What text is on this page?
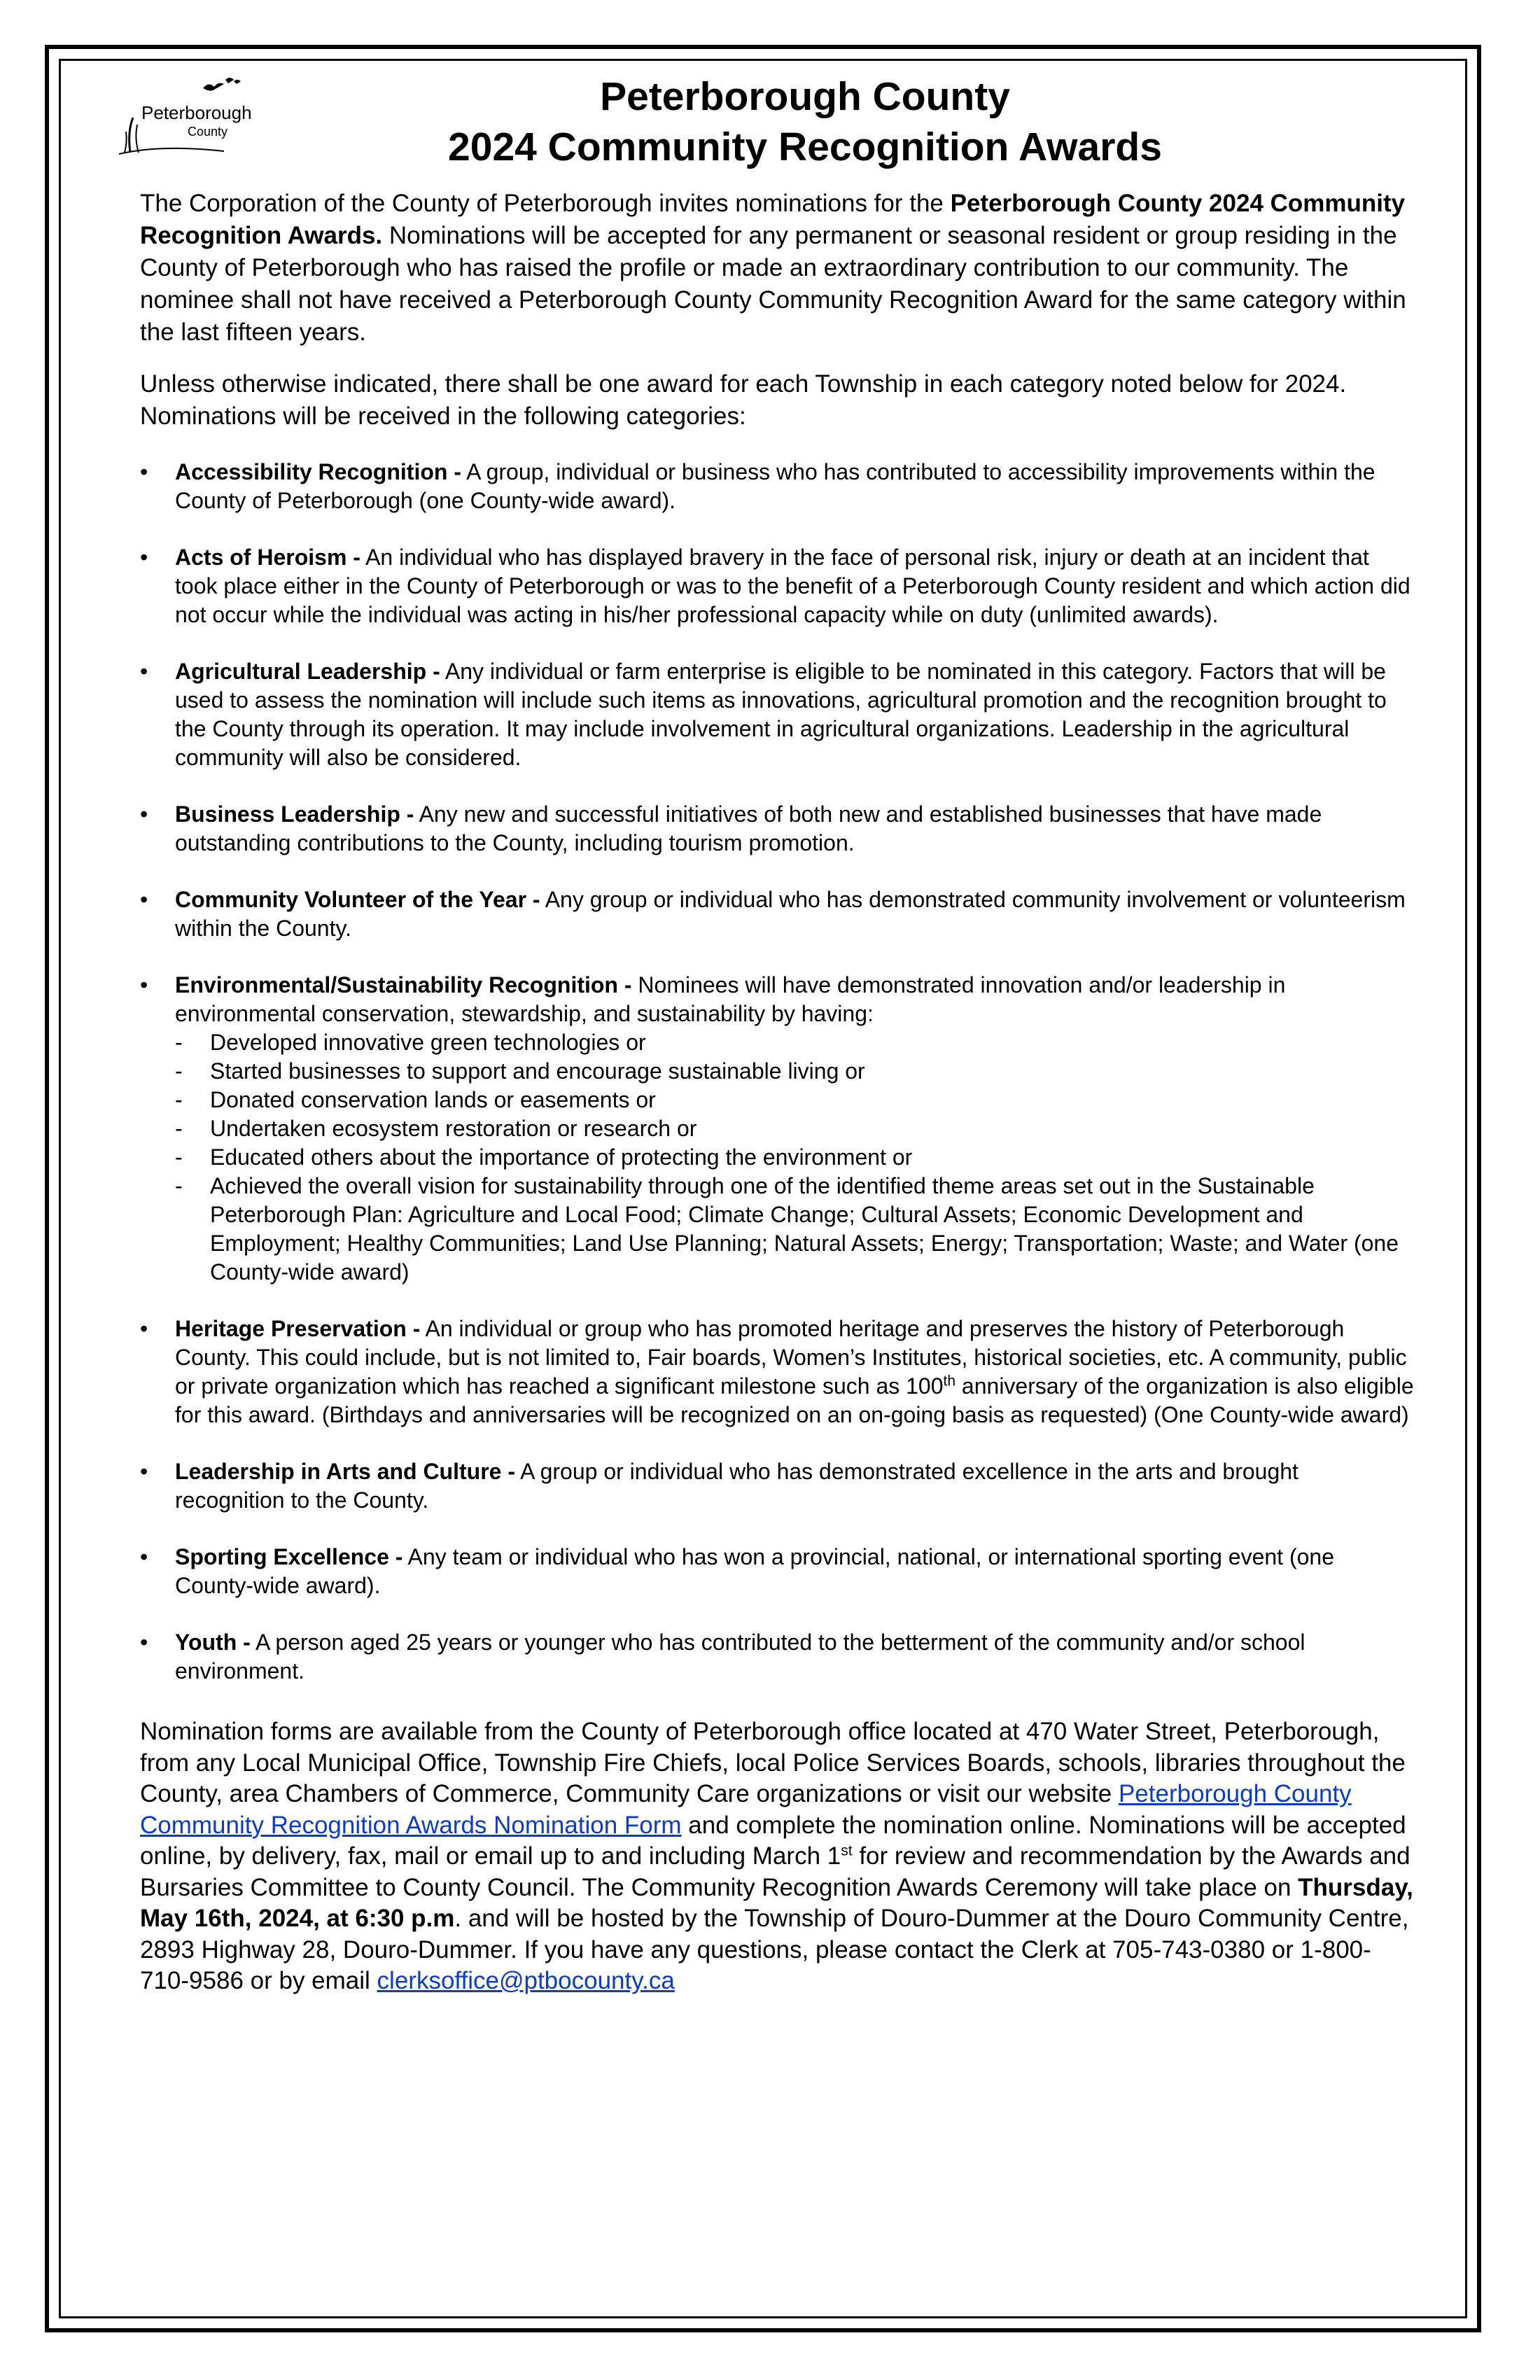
Peterborough
County
Peterborough County
2024 Community Recognition Awards

The Corporation of the County of Peterborough invites nominations for the Peterborough County 2024 Community Recognition Awards. Nominations will be accepted for any permanent or seasonal resident or group residing in the County of Peterborough who has raised the profile or made an extraordinary contribution to our community. The nominee shall not have received a Peterborough County Community Recognition Award for the same category within the last fifteen years.

Unless otherwise indicated, there shall be one award for each Township in each category noted below for 2024. Nominations will be received in the following categories:

• Accessibility Recognition - A group, individual or business who has contributed to accessibility improvements within the County of Peterborough (one County-wide award).
• Acts of Heroism - An individual who has displayed bravery in the face of personal risk, injury or death at an incident that took place either in the County of Peterborough or was to the benefit of a Peterborough County resident and which action did not occur while the individual was acting in his/her professional capacity while on duty (unlimited awards).
• Agricultural Leadership - Any individual or farm enterprise is eligible to be nominated in this category. Factors that will be used to assess the nomination will include such items as innovations, agricultural promotion and the recognition brought to the County through its operation. It may include involvement in agricultural organizations. Leadership in the agricultural community will also be considered.
• Business Leadership - Any new and successful initiatives of both new and established businesses that have made outstanding contributions to the County, including tourism promotion.
• Community Volunteer of the Year - Any group or individual who has demonstrated community involvement or volunteerism within the County.
• Environmental/Sustainability Recognition - Nominees will have demonstrated innovation and/or leadership in environmental conservation, stewardship, and sustainability by having:
- Developed innovative green technologies or
- Started businesses to support and encourage sustainable living or
- Donated conservation lands or easements or
- Undertaken ecosystem restoration or research or
- Educated others about the importance of protecting the environment or
- Achieved the overall vision for sustainability through one of the identified theme areas set out in the Sustainable Peterborough Plan: Agriculture and Local Food; Climate Change; Cultural Assets; Economic Development and Employment; Healthy Communities; Land Use Planning; Natural Assets; Energy; Transportation; Waste; and Water (one County-wide award)
• Heritage Preservation - An individual or group who has promoted heritage and preserves the history of Peterborough County. This could include, but is not limited to, Fair boards, Women’s Institutes, historical societies, etc. A community, public or private organization which has reached a significant milestone such as 100th anniversary of the organization is also eligible for this award. (Birthdays and anniversaries will be recognized on an on-going basis as requested) (One County-wide award)
• Leadership in Arts and Culture - A group or individual who has demonstrated excellence in the arts and brought recognition to the County.
• Sporting Excellence - Any team or individual who has won a provincial, national, or international sporting event (one County-wide award).
• Youth - A person aged 25 years or younger who has contributed to the betterment of the community and/or school environment.

Nomination forms are available from the County of Peterborough office located at 470 Water Street, Peterborough, from any Local Municipal Office, Township Fire Chiefs, local Police Services Boards, schools, libraries throughout the County, area Chambers of Commerce, Community Care organizations or visit our website Peterborough County Community Recognition Awards Nomination Form and complete the nomination online. Nominations will be accepted online, by delivery, fax, mail or email up to and including March 1st for review and recommendation by the Awards and Bursaries Committee to County Council. The Community Recognition Awards Ceremony will take place on Thursday, May 16th, 2024, at 6:30 p.m. and will be hosted by the Township of Douro-Dummer at the Douro Community Centre, 2893 Highway 28, Douro-Dummer. If you have any questions, please contact the Clerk at 705-743-0380 or 1-800-710-9586 or by email clerksoffice@ptbocounty.ca
